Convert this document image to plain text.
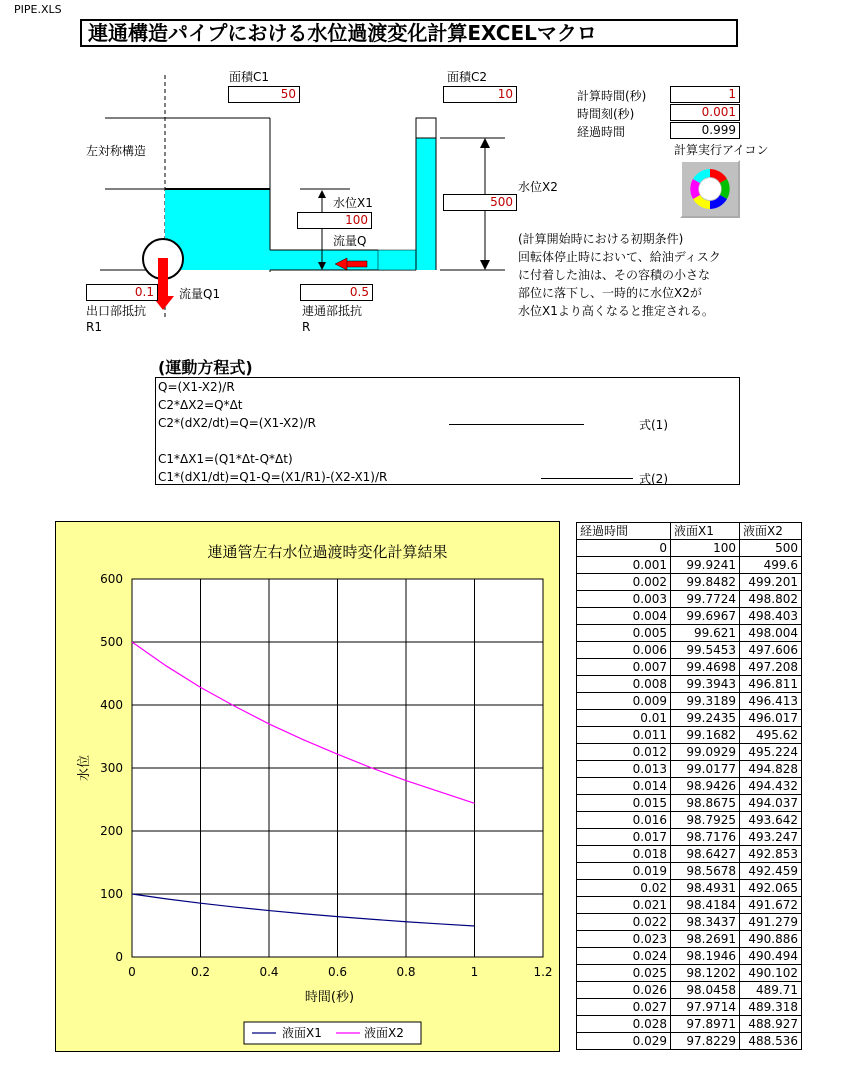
PIPE.XLS
連通構造パイプにおける水位過渡変化計算EXCELマクロ
面積C1
50
面積C2
10
左対称構造
水位X1
100
水位X2
500
流量Q
流量Q1
0.1
出口部抵抗
R1
0.5
連通部抵抗
R
計算時間(秒)	1
時間刻(秒)	0.001
経過時間	0.999
計算実行アイコン
(計算開始時における初期条件)
回転体停止時において、給油ディスク
に付着した油は、その容積の小さな
部位に落下し、一時的に水位X2が
水位X1より高くなると推定される。
(運動方程式)
Q=(X1-X2)/R
C2*ΔX2=Q*Δt
C2*(dX2/dt)=Q=(X1-X2)/R	式(1)
C1*ΔX1=(Q1*Δt-Q*Δt)
C1*(dX1/dt)=Q1-Q=(X1/R1)-(X2-X1)/R	式(2)
0	0.2	0.4	0.6	0.8	1	1.2
0
100
200
300
400
500
600
連通管左右水位過渡時変化計算結果
時間(秒)
水位
液面X1	液面X2
経過時間	液面X1	液面X2
0	100	500
0.001	99.9241	499.6
0.002	99.8482	499.201
0.003	99.7724	498.802
0.004	99.6967	498.403
0.005	99.621	498.004
0.006	99.5453	497.606
0.007	99.4698	497.208
0.008	99.3943	496.811
0.009	99.3189	496.413
0.01	99.2435	496.017
0.011	99.1682	495.62
0.012	99.0929	495.224
0.013	99.0177	494.828
0.014	98.9426	494.432
0.015	98.8675	494.037
0.016	98.7925	493.642
0.017	98.7176	493.247
0.018	98.6427	492.853
0.019	98.5678	492.459
0.02	98.4931	492.065
0.021	98.4184	491.672
0.022	98.3437	491.279
0.023	98.2691	490.886
0.024	98.1946	490.494
0.025	98.1202	490.102
0.026	98.0458	489.71
0.027	97.9714	489.318
0.028	97.8971	488.927
0.029	97.8229	488.536
